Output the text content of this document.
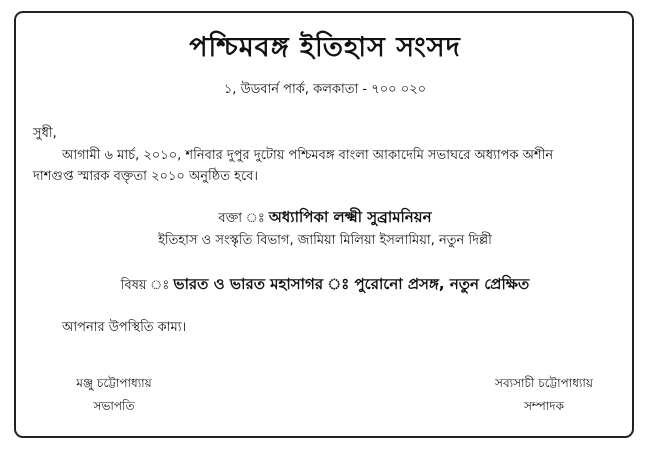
পশ্চিমবঙ্গ ইতিহাস সংসদ
১, উডবার্ন পার্ক, কলকাতা - ৭০০ ০২০
সুধী,
আগামী ৬ মার্চ, ২০১০, শনিবার দুপুর দুটোয় পশ্চিমবঙ্গ বাংলা আকাদেমি সভাঘরে অধ্যাপক অশীন
দাশগুপ্ত স্মারক বক্তৃতা ২০১০ অনুষ্ঠিত হবে।
বক্তা ঃ অধ্যাপিকা লক্ষ্মী সুব্রামনিয়ন
ইতিহাস ও সংস্কৃতি বিভাগ, জামিয়া মিলিয়া ইসলামিয়া, নতুন দিল্লী
বিষয় ঃ ভারত ও ভারত মহাসাগর ঃ পুরোনো প্রসঙ্গ, নতুন প্রেক্ষিত
আপনার উপস্থিতি কাম্য।
মঞ্জু চট্টোপাধ্যায়
সভাপতি
সব্যসাচী চট্টোপাধ্যায়
সম্পাদক
